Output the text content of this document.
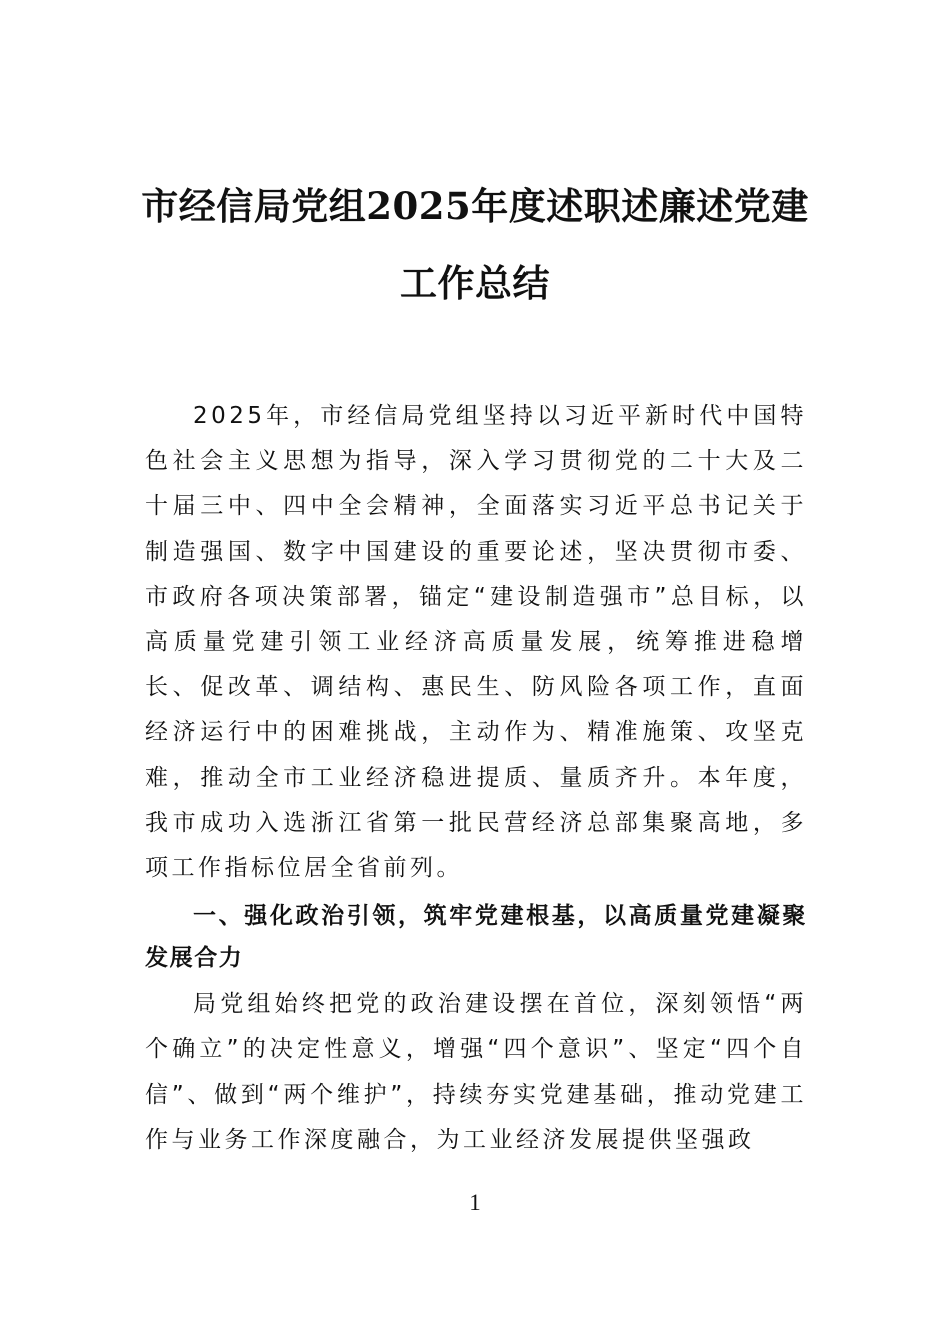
市经信局党组2025年度述职述廉述党建工作总结

2025年，市经信局党组坚持以习近平新时代中国特色社会主义思想为指导，深入学习贯彻党的二十大及二十届三中、四中全会精神，全面落实习近平总书记关于制造强国、数字中国建设的重要论述，坚决贯彻市委、市政府各项决策部署，锚定“建设制造强市”总目标，以高质量党建引领工业经济高质量发展，统筹推进稳增长、促改革、调结构、惠民生、防风险各项工作，直面经济运行中的困难挑战，主动作为、精准施策、攻坚克难，推动全市工业经济稳进提质、量质齐升。本年度，我市成功入选浙江省第一批民营经济总部集聚高地，多项工作指标位居全省前列。

一、强化政治引领，筑牢党建根基，以高质量党建凝聚发展合力

局党组始终把党的政治建设摆在首位，深刻领悟“两个确立”的决定性意义，增强“四个意识”、坚定“四个自信”、做到“两个维护”，持续夯实党建基础，推动党建工作与业务工作深度融合，为工业经济发展提供坚强政

1
